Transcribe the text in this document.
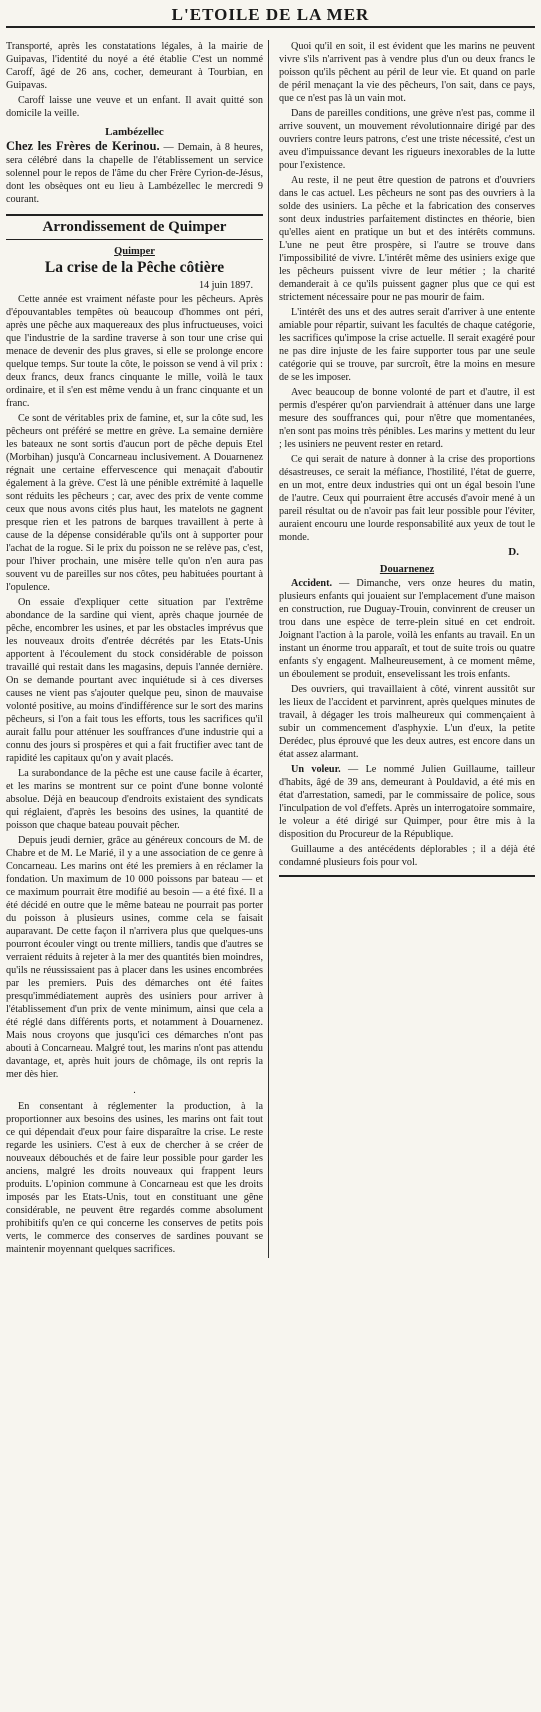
L'ETOILE DE LA MER

Transporté, après les constatations légales, à la mairie de Guipavas, l'identité du noyé a été établie C'est un nommé Caroff, âgé de 26 ans, cocher, demeurant à Tourbian, en Guipavas.

Caroff laisse une veuve et un enfant. Il avait quitté son domicile la veille.

Lambézellec

Chez les Frères de Kerinou. — Demain, à 8 heures, sera célébré dans la chapelle de l'établissement un service solennel pour le repos de l'âme du cher Frère Cyrion-de-Jésus, dont les obsèques ont eu lieu à Lambézellec le mercredi 9 courant.

Arrondissement de Quimper
Quimper
La crise de la Pêche côtière
14 juin 1897.

Cette année est vraiment néfaste pour les pêcheurs. Après d'épouvantables tempêtes où beaucoup d'hommes ont péri, après une pêche aux maquereaux des plus infructueuses, voici que l'industrie de la sardine traverse à son tour une crise qui menace de devenir des plus graves, si elle se prolonge encore quelque temps. Sur toute la côte, le poisson se vend à vil prix : deux francs, deux francs cinquante le mille, voilà le taux ordinaire, et il s'en est même vendu à un franc cinquante et un franc.

Ce sont de véritables prix de famine, et, sur la côte sud, les pêcheurs ont préféré se mettre en grève. La semaine dernière les bateaux ne sont sortis d'aucun port de pêche depuis Etel (Morbihan) jusqu'à Concarneau inclusivement. A Douarnenez régnait une certaine effervescence qui menaçait d'aboutir également à la grève. C'est là une pénible extrémité à laquelle sont réduits les pêcheurs ; car, avec des prix de vente comme ceux que nous avons cités plus haut, les matelots ne gagnent presque rien et les patrons de barques travaillent à perte à cause de la dépense considérable qu'ils ont à supporter pour l'achat de la rogue. Si le prix du poisson ne se relève pas, c'est, pour l'hiver prochain, une misère telle qu'on n'en aura pas souvent vu de pareilles sur nos côtes, peu habituées pourtant à l'opulence.

On essaie d'expliquer cette situation par l'extrême abondance de la sardine qui vient, après chaque journée de pêche, encombrer les usines, et par les obstacles imprévus que les nouveaux droits d'entrée décrétés par les Etats-Unis apportent à l'écoulement du stock considérable de poisson travaillé qui restait dans les magasins, depuis l'année dernière. On se demande pourtant avec inquiétude si à ces diverses causes ne vient pas s'ajouter quelque peu, sinon de mauvaise volonté positive, au moins d'indifférence sur le sort des marins pêcheurs, si l'on a fait tous les efforts, tous les sacrifices qu'il aurait fallu pour atténuer les souffrances d'une industrie qui a connu des jours si prospères et qui a fait fructifier avec tant de rapidité les capitaux qu'on y avait placés.

La surabondance de la pêche est une cause facile à écarter, et les marins se montrent sur ce point d'une bonne volonté absolue. Déjà en beaucoup d'endroits existaient des syndicats qui réglaient, d'après les besoins des usines, la quantité de poisson que chaque bateau pouvait pêcher.

Depuis jeudi dernier, grâce au généreux concours de M. de Chabre et de M. Le Marié, il y a une association de ce genre à Concarneau. Les marins ont été les premiers à en réclamer la fondation. Un maximum de 10 000 poissons par bateau — et ce maximum pourrait être modifié au besoin — a été fixé. Il a été décidé en outre que le même bateau ne pourrait pas porter du poisson à plusieurs usines, comme cela se faisait auparavant. De cette façon il n'arrivera plus que quelques-uns pourront écouler vingt ou trente milliers, tandis que d'autres se verraient réduits à rejeter à la mer des quantités bien moindres, qu'ils ne réussissaient pas à placer dans les usines encombrées par les premiers. Puis des démarches ont été faites presqu'immédiatement auprès des usiniers pour arriver à l'établissement d'un prix de vente minimum, ainsi que cela a été réglé dans différents ports, et notamment à Douarnenez. Mais nous croyons que jusqu'ici ces démarches n'ont pas abouti à Concarneau. Malgré tout, les marins n'ont pas attendu davantage, et, après huit jours de chômage, ils ont repris la mer dès hier.

.

En consentant à réglementer la production, à la proportionner aux besoins des usines, les marins ont fait tout ce qui dépendait d'eux pour faire disparaître la crise. Le reste regarde les usiniers. C'est à eux de chercher à se créer de nouveaux débouchés et de faire leur possible pour garder les anciens, malgré les droits nouveaux qui frappent leurs produits. L'opinion commune à Concarneau est que les droits imposés par les Etats-Unis, tout en constituant une gêne considérable, ne peuvent être regardés comme absolument prohibitifs qu'en ce qui concerne les conserves de petits pois verts, le commerce des conserves de sardines pouvant se maintenir moyennant quelques sacrifices.

Quoi qu'il en soit, il est évident que les marins ne peuvent vivre s'ils n'arrivent pas à vendre plus d'un ou deux francs le poisson qu'ils pêchent au péril de leur vie. Et quand on parle de péril menaçant la vie des pêcheurs, l'on sait, dans ce pays, que ce n'est pas là un vain mot.

Dans de pareilles conditions, une grève n'est pas, comme il arrive souvent, un mouvement révolutionnaire dirigé par des ouvriers contre leurs patrons, c'est une triste nécessité, c'est un aveu d'impuissance devant les rigueurs inexorables de la lutte pour l'existence.

Au reste, il ne peut être question de patrons et d'ouvriers dans le cas actuel. Les pêcheurs ne sont pas des ouvriers à la solde des usiniers. La pêche et la fabrication des conserves sont deux industries parfaitement distinctes en théorie, bien qu'elles aient en pratique un but et des intérêts communs. L'une ne peut être prospère, si l'autre se trouve dans l'impossibilité de vivre. L'intérêt même des usiniers exige que les pêcheurs puissent vivre de leur métier ; la charité demanderait à ce qu'ils puissent gagner plus que ce qui est strictement nécessaire pour ne pas mourir de faim.

L'intérêt des uns et des autres serait d'arriver à une entente amiable pour répartir, suivant les facultés de chaque catégorie, les sacrifices qu'impose la crise actuelle. Il serait exagéré pour ne pas dire injuste de les faire supporter tous par une seule catégorie qui se trouve, par surcroît, être la moins en mesure de se les imposer.

Avec beaucoup de bonne volonté de part et d'autre, il est permis d'espérer qu'on parviendrait à atténuer dans une large mesure des souffrances qui, pour n'être que momentanées, n'en sont pas moins très pénibles. Les marins y mettent du leur ; les usiniers ne peuvent rester en retard.

Ce qui serait de nature à donner à la crise des proportions désastreuses, ce serait la méfiance, l'hostilité, l'état de guerre, en un mot, entre deux industries qui ont un égal besoin l'une de l'autre. Ceux qui pourraient être accusés d'avoir mené à un pareil résultat ou de n'avoir pas fait leur possible pour l'éviter, auraient encouru une lourde responsabilité aux yeux de tout le monde.

D.
Douarnenez

Accident. — Dimanche, vers onze heures du matin, plusieurs enfants qui jouaient sur l'emplacement d'une maison en construction, rue Duguay-Trouin, convinrent de creuser un trou dans une espèce de terre-plein situé en cet endroit. Joignant l'action à la parole, voilà les enfants au travail. En un instant un énorme trou apparaît, et tout de suite trois ou quatre enfants s'y engagent. Malheureusement, à ce moment même, un éboulement se produit, ensevelissant les trois enfants.

Des ouvriers, qui travaillaient à côté, vinrent aussitôt sur les lieux de l'accident et parvinrent, après quelques minutes de travail, à dégager les trois malheureux qui commençaient à subir un commencement d'asphyxie. L'un d'eux, la petite Derédec, plus éprouvé que les deux autres, est encore dans un état assez alarmant.

Un voleur. — Le nommé Julien Guillaume, tailleur d'habits, âgé de 39 ans, demeurant à Pouldavid, a été mis en état d'arrestation, samedi, par le commissaire de police, sous l'inculpation de vol d'effets. Après un interrogatoire sommaire, le voleur a été dirigé sur Quimper, pour être mis à la disposition du Procureur de la République.

Guillaume a des antécédents déplorables ; il a déjà été condamné plusieurs fois pour vol.
